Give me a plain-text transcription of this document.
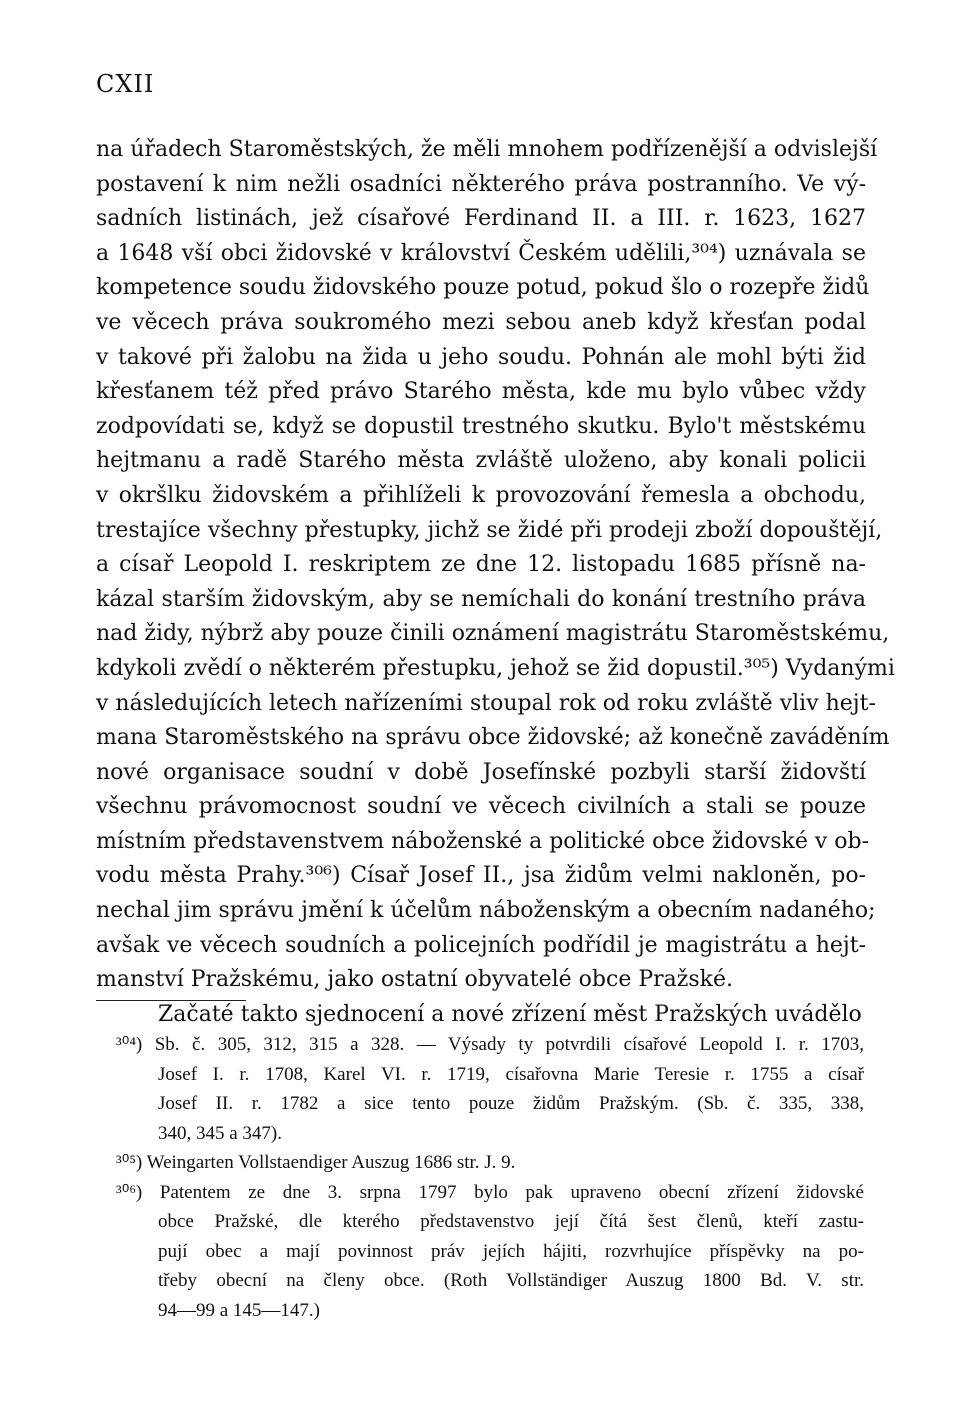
CXII
na úřadech Staroměstských, že měli mnohem podřízenější a odvislejší
postavení k nim nežli osadníci některého práva postranního. Ve vý-
sadních listinách, jež císařové Ferdinand II. a III. r. 1623, 1627
a 1648 vší obci židovské v království Českém udělili,³⁰⁴) uznávala se
kompetence soudu židovského pouze potud, pokud šlo o rozepře židů
ve věcech práva soukromého mezi sebou aneb když křesťan podal
v takové při žalobu na žida u jeho soudu. Pohnán ale mohl býti žid
křesťanem též před právo Starého města, kde mu bylo vůbec vždy
zodpovídati se, když se dopustil trestného skutku. Bylo't městskému
hejtmanu a radě Starého města zvláště uloženo, aby konali policii
v okršlku židovském a přihlíželi k provozování řemesla a obchodu,
trestajíce všechny přestupky, jichž se židé při prodeji zboží dopouštějí,
a císař Leopold I. reskriptem ze dne 12. listopadu 1685 přísně na-
kázal starším židovským, aby se nemíchali do konání trestního práva
nad židy, nýbrž aby pouze činili oznámení magistrátu Staroměstskému,
kdykoli zvědí o některém přestupku, jehož se žid dopustil.³⁰⁵) Vydanými
v následujících letech nařízeními stoupal rok od roku zvláště vliv hejt-
mana Staroměstského na správu obce židovské; až konečně zaváděním
nové organisace soudní v době Josefínské pozbyli starší židovští
všechnu právomocnost soudní ve věcech civilních a stali se pouze
místním představenstvem náboženské a politické obce židovské v ob-
vodu města Prahy.³⁰⁶) Císař Josef II., jsa židům velmi nakloněn, po-
nechal jim správu jmění k účelům náboženským a obecním nadaného;
avšak ve věcech soudních a policejních podřídil je magistrátu a hejt-
manství Pražskému, jako ostatní obyvatelé obce Pražské.
Začaté takto sjednocení a nové zřízení měst Pražských uvádělo
³⁰⁴) Sb. č. 305, 312, 315 a 328. — Výsady ty potvrdili císařové Leopold I. r. 1703,
Josef I. r. 1708, Karel VI. r. 1719, císařovna Marie Teresie r. 1755 a císař
Josef II. r. 1782 a sice tento pouze židům Pražským. (Sb. č. 335, 338,
340, 345 a 347).
³⁰⁵) Weingarten Vollstaendiger Auszug 1686 str. J. 9.
³⁰⁶) Patentem ze dne 3. srpna 1797 bylo pak upraveno obecní zřízení židovské
obce Pražské, dle kterého představenstvo její čítá šest členů, kteří zastu-
pují obec a mají povinnost práv jejích hájiti, rozvrhujíce příspěvky na po-
třeby obecní na členy obce. (Roth Vollständiger Auszug 1800 Bd. V. str.
94—99 a 145—147.)
